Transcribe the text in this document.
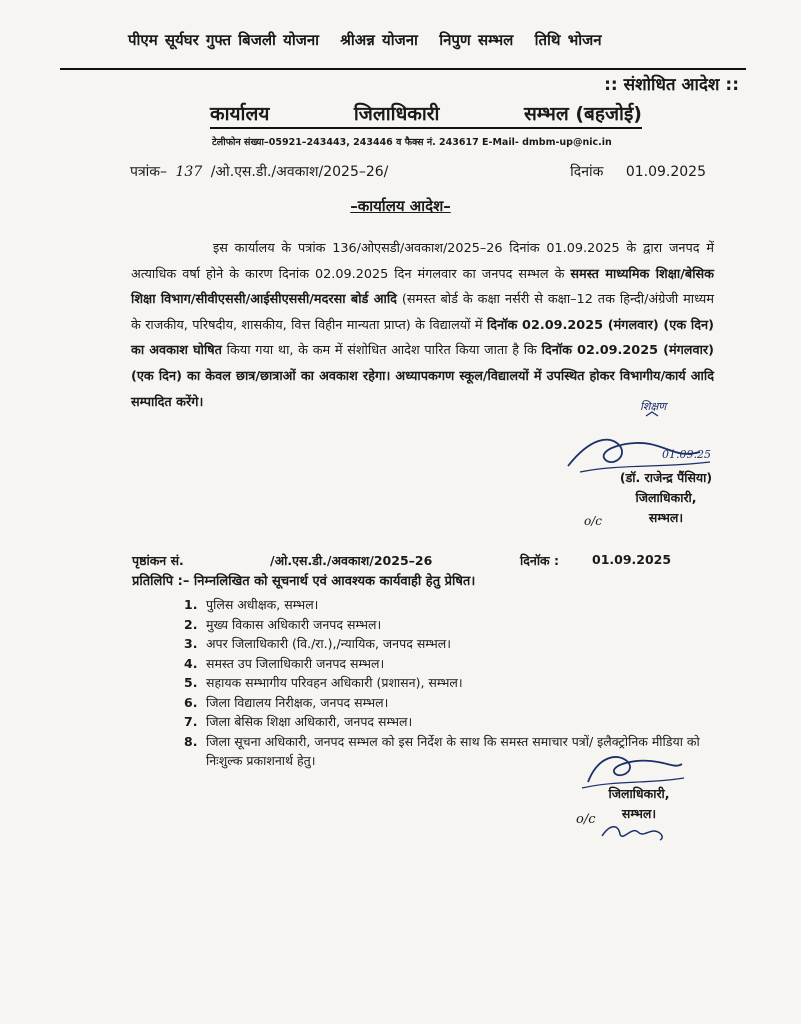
पीएम सूर्यघर गुफ्त बिजली योजना श्रीअन्न योजना निपुण सम्भल तिथि भोजन
:: संशोधित आदेश ::
कार्यालय	जिलाधिकारी	सम्भल (बहजोई)
टेलीफोन संख्या–05921–243443, 243446 व फैक्स नं. 243617 E-Mail- dmbm-up@nic.in
पत्रांक– 137 /ओ.एस.डी./अवकाश/2025–26/	दिनांक 01.09.2025
–कार्यालय आदेश–
इस कार्यालय के पत्रांक 136/ओएसडी/अवकाश/2025–26 दिनांक 01.09.2025 के द्वारा जनपद में अत्याधिक वर्षा होने के कारण दिनांक 02.09.2025 दिन मंगलवार का जनपद सम्भल के समस्त माध्यमिक शिक्षा/बेसिक शिक्षा विभाग/सीवीएससी/आईसीएससी/मदरसा बोर्ड आदि (समस्त बोर्ड के कक्षा नर्सरी से कक्षा–12 तक हिन्दी/अंग्रेजी माध्यम के राजकीय, परिषदीय, शासकीय, वित्त विहीन मान्यता प्राप्त) के विद्यालयों में दिनॉक 02.09.2025 (मंगलवार) (एक दिन) का अवकाश घोषित किया गया था, के कम में संशोधित आदेश पारित किया जाता है कि दिनॉक 02.09.2025 (मंगलवार) (एक दिन) का केवल छात्र/छात्राओं का अवकाश रहेगा। अध्यापकगण स्कूल/विद्यालयों में उपस्थित होकर विभागीय/कार्य आदि सम्पादित करेंगे।	शिक्षण
01.09.25
(डॉ. राजेन्द्र पैंसिया)
जिलाधिकारी,
सम्भल।
o/c
पृष्ठांकन सं.	/ओ.एस.डी./अवकाश/2025–26	दिनॉक :	01.09.2025
प्रतिलिपि :– निम्नलिखित को सूचनार्थ एवं आवश्यक कार्यवाही हेतु प्रेषित।
1. पुलिस अधीक्षक, सम्भल।
2. मुख्य विकास अधिकारी जनपद सम्भल।
3. अपर जिलाधिकारी (वि./रा.),/न्यायिक, जनपद सम्भल।
4. समस्त उप जिलाधिकारी जनपद सम्भल।
5. सहायक सम्भागीय परिवहन अधिकारी (प्रशासन), सम्भल।
6. जिला विद्यालय निरीक्षक, जनपद सम्भल।
7. जिला बेसिक शिक्षा अधिकारी, जनपद सम्भल।
8. जिला सूचना अधिकारी, जनपद सम्भल को इस निर्देश के साथ कि समस्त समाचार पत्रों/ इलैक्ट्रोनिक मीडिया को निःशुल्क प्रकाशनार्थ हेतु।
जिलाधिकारी,
सम्भल।
o/c
